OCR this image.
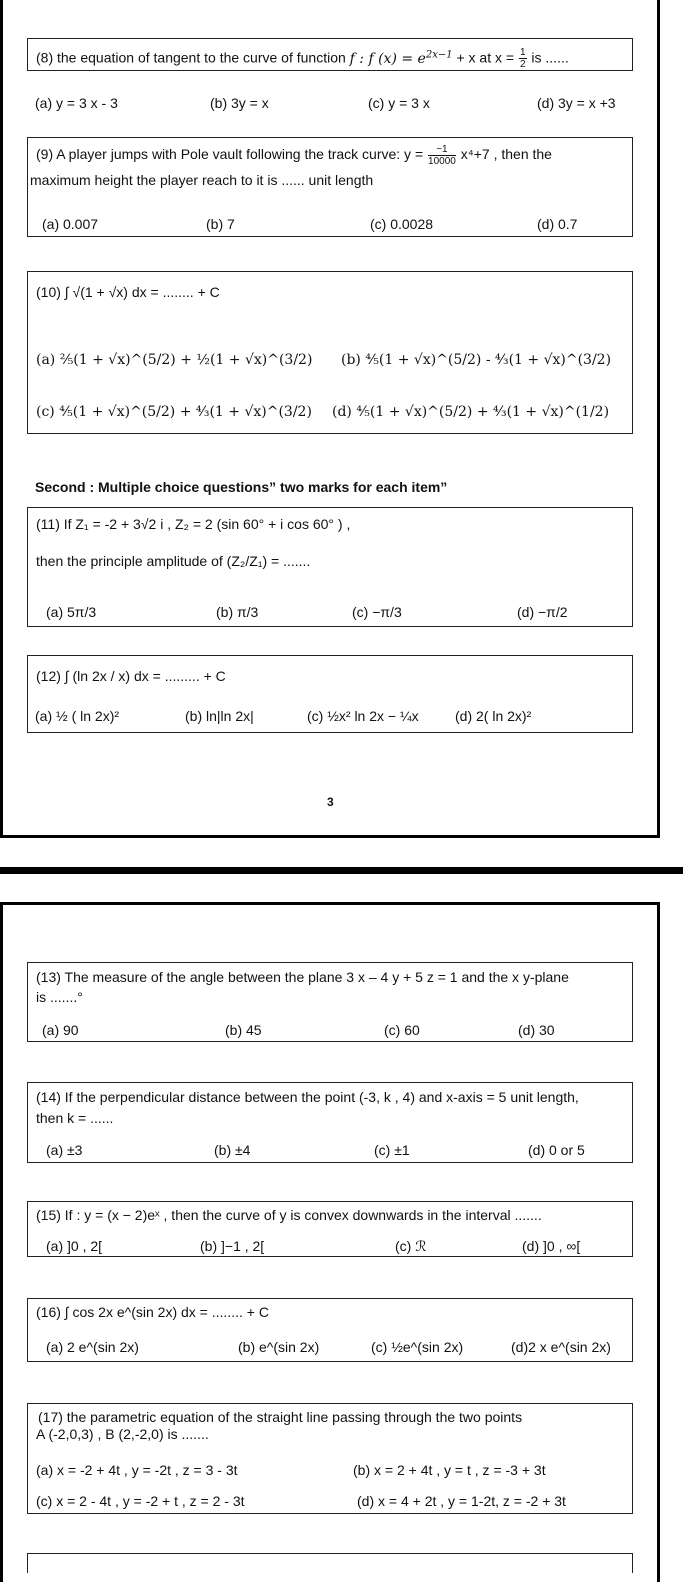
(8) the equation of tangent to the curve of function f : f $(x) = e^{2x-1} + x$ at $x = \frac{1}{2}$ is ......
(a) y = 3 x - 3	(b) 3y = x	(c) y = 3 x	(d) 3y = x +3
(9) A player jumps with Pole vault following the track curve: $y = \frac{-1}{10000} x^4+7$ , then the
maximum height the player reach to it is ...... unit length
(a) 0.007	(b) 7	(c) 0.0028	(d) 0.7
(10) ∫ √(1 + √x) dx = ........ + C
(a) ⅖(1 + √x)^(5/2) + ½(1 + √x)^(3/2) (b) ⅘(1 + √x)^(5/2) - ⁴⁄₃(1 + √x)^(3/2)
(c) ⅘(1 + √x)^(5/2) + ⁴⁄₃(1 + √x)^(3/2) (d) ⅘(1 + √x)^(5/2) + ⁴⁄₃(1 + √x)^(1/2)
Second : Multiple choice questions” two marks for each item”
(11) If Z₁ = -2 + 3√2 i , Z₂ = 2 (sin 60° + i cos 60° ) ,
then the principle amplitude of (Z₂/Z₁) = .......
(a) 5π/3	(b) π/3	(c) −π/3	(d) −π/2
(12) ∫ (ln 2x / x) dx = ......... + C
(a) ½ ( ln 2x)²	(b) ln|ln 2x|	(c) ½x² ln 2x − ¼x	(d) 2( ln 2x)²
3
(13) The measure of the angle between the plane 3 x – 4 y + 5 z = 1 and the x y-plane
is .......°
(a) 90	(b) 45	(c) 60	(d) 30
(14) If the perpendicular distance between the point (-3, k , 4) and x-axis = 5 unit length,
then k = ......
(a) ±3	(b) ±4	(c) ±1	(d) 0 or 5
(15) If : y = (x − 2)eˣ , then the curve of y is convex downwards in the interval .......
(a) ]0 , 2[	(b) ]−1 , 2[	(c) ℛ	(d) ]0 , ∞[
(16) ∫ cos 2x e^(sin 2x) dx = ........ + C
(a) 2 e^(sin 2x)	(b) e^(sin 2x)	(c) ½e^(sin 2x)	(d)2 x e^(sin 2x)
(17) the parametric equation of the straight line passing through the two points
A (-2,0,3) , B (2,-2,0) is .......
(a) x = -2 + 4t , y = -2t , z = 3 - 3t	(b) x = 2 + 4t , y = t , z = -3 + 3t
(c) x = 2 - 4t , y = -2 + t , z = 2 - 3t	(d) x = 4 + 2t , y = 1-2t, z = -2 + 3t
